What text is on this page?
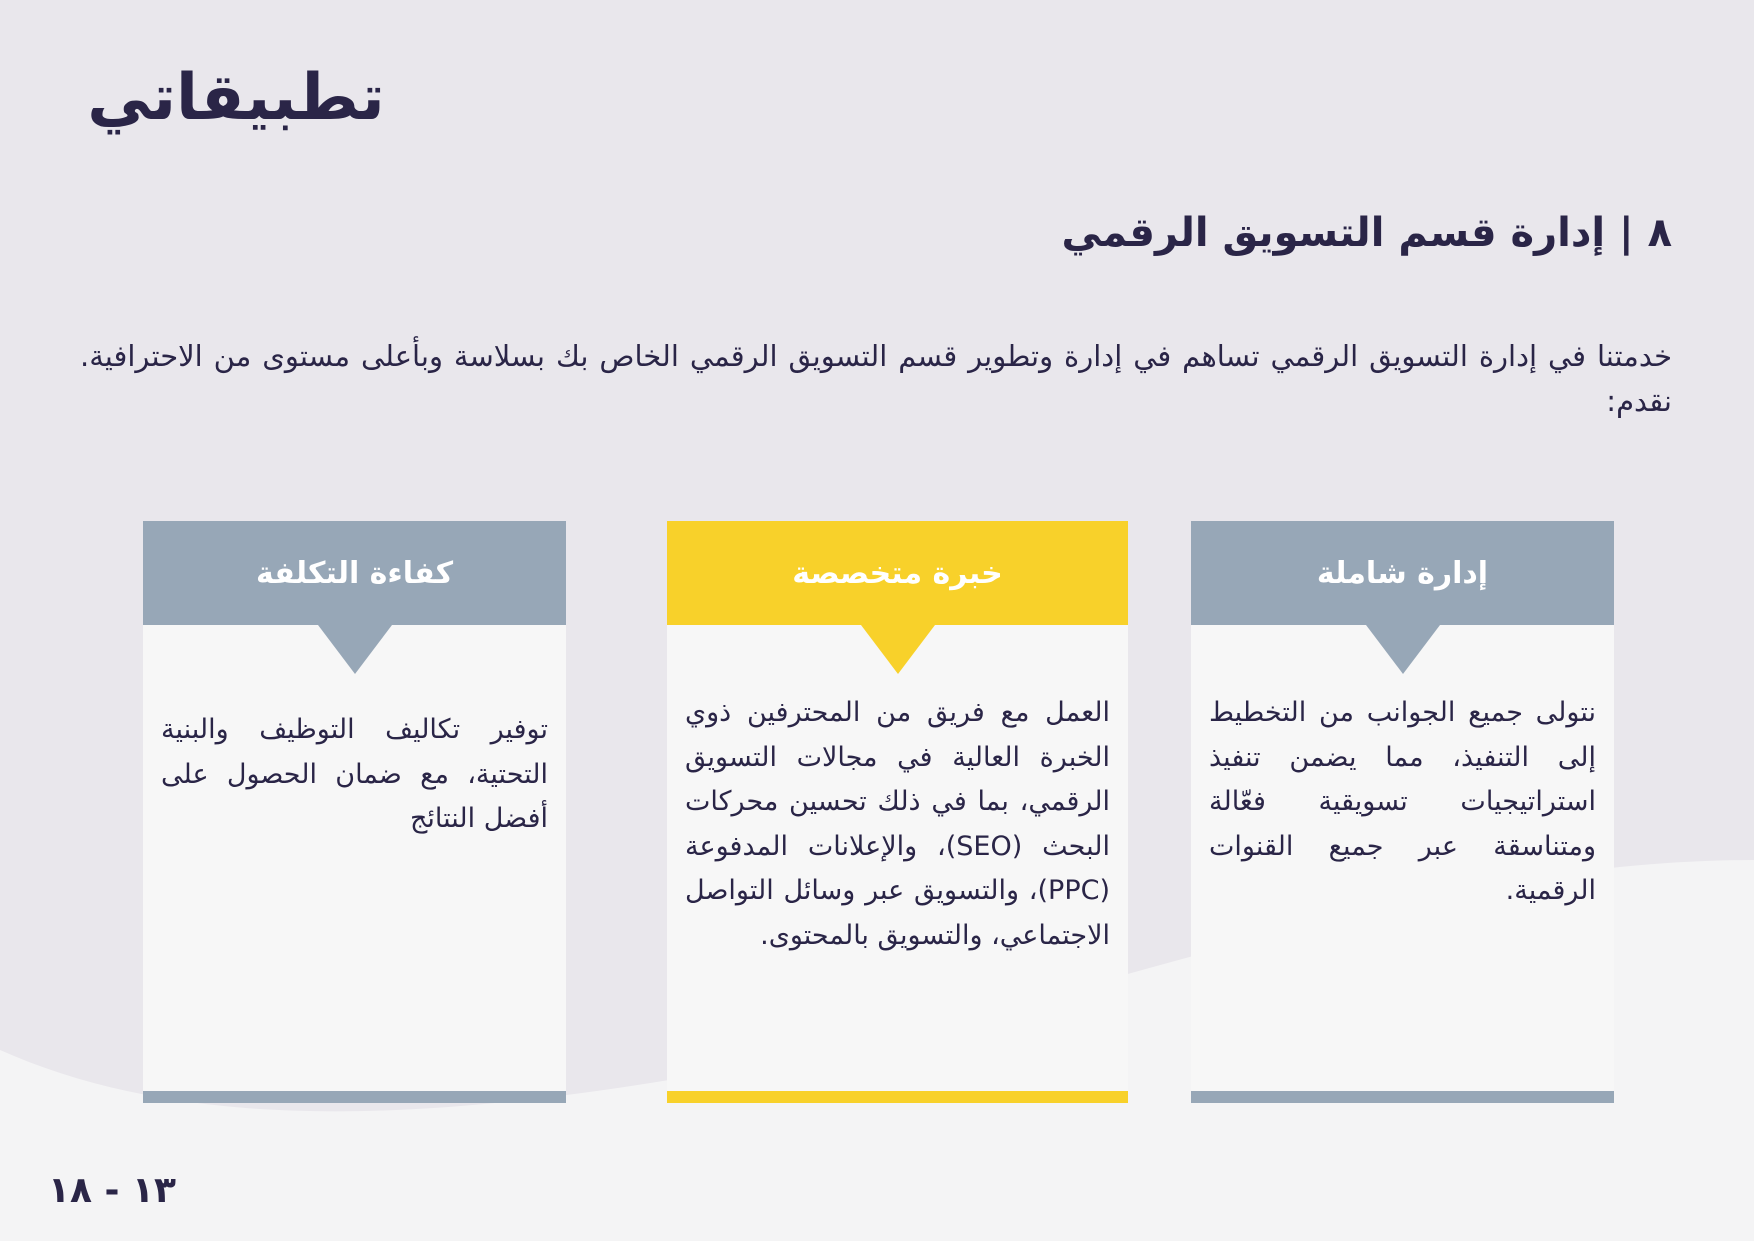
تطبيقاتي
٨ | إدارة قسم التسويق الرقمي
خدمتنا في إدارة التسويق الرقمي تساهم في إدارة وتطوير قسم التسويق الرقمي الخاص بك بسلاسة وبأعلى مستوى من الاحترافية. نقدم:
إدارة شاملة
نتولى جميع الجوانب من التخطيط إلى التنفيذ، مما يضمن تنفيذ استراتيجيات تسويقية فعّالة ومتناسقة عبر جميع القنوات الرقمية.
خبرة متخصصة
العمل مع فريق من المحترفين ذوي الخبرة العالية في مجالات التسويق الرقمي، بما في ذلك تحسين محركات البحث (SEO)، والإعلانات المدفوعة (PPC)، والتسويق عبر وسائل التواصل الاجتماعي، والتسويق بالمحتوى.
كفاءة التكلفة
توفير تكاليف التوظيف والبنية التحتية، مع ضمان الحصول على أفضل النتائج
١٣ - ١٨
